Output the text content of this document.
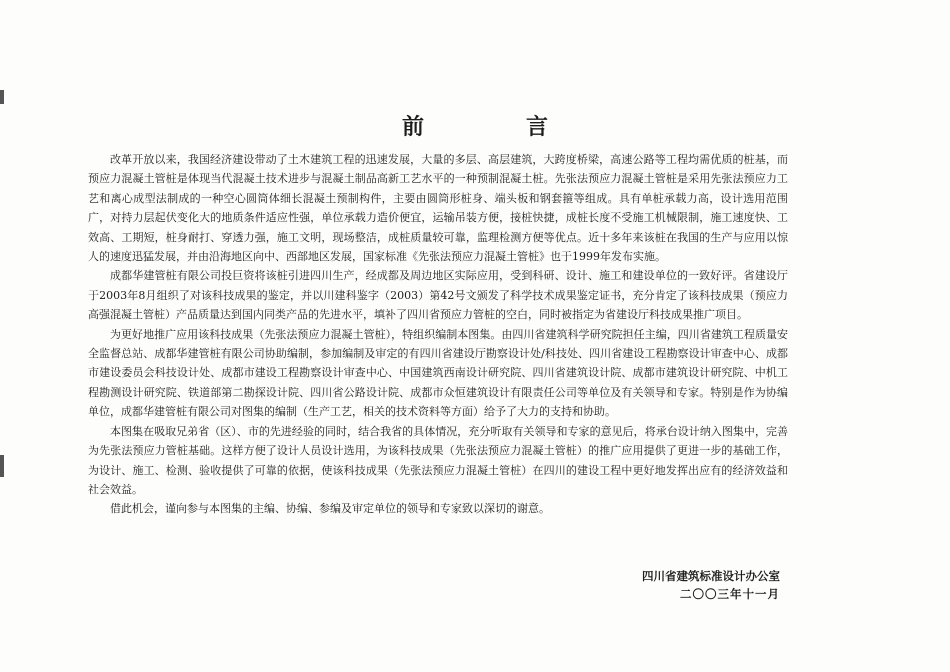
前　言

改革开放以来，我国经济建设带动了土木建筑工程的迅速发展，大量的多层、高层建筑，大跨度桥梁，高速公路等工程均需优质的桩基，而预应力混凝土管桩是体现当代混凝土技术进步与混凝土制品高新工艺水平的一种预制混凝土桩。先张法预应力混凝土管桩是采用先张法预应力工艺和离心成型法制成的一种空心圆筒体细长混凝土预制构件，主要由圆筒形桩身、端头板和钢套箍等组成。具有单桩承载力高，设计选用范围广，对持力层起伏变化大的地质条件适应性强，单位承载力造价便宜，运输吊装方便，接桩快捷，成桩长度不受施工机械限制，施工速度快、工效高、工期短，桩身耐打、穿透力强，施工文明，现场整洁，成桩质量较可靠，监理检测方便等优点。近十多年来该桩在我国的生产与应用以惊人的速度迅猛发展，并由沿海地区向中、西部地区发展，国家标准《先张法预应力混凝土管桩》也于1999年发布实施。

成都华建管桩有限公司投巨资将该桩引进四川生产，经成都及周边地区实际应用，受到科研、设计、施工和建设单位的一致好评。省建设厅于2003年8月组织了对该科技成果的鉴定，并以川建科鉴字（2003）第42号文颁发了科学技术成果鉴定证书，充分肯定了该科技成果（预应力高强混凝土管桩）产品质量达到国内同类产品的先进水平，填补了四川省预应力管桩的空白，同时被指定为省建设厅科技成果推广项目。

为更好地推广应用该科技成果（先张法预应力混凝土管桩），特组织编制本图集。由四川省建筑科学研究院担任主编，四川省建筑工程质量安全监督总站、成都华建管桩有限公司协助编制，参加编制及审定的有四川省建设厅勘察设计处/科技处、四川省建设工程勘察设计审查中心、成都市建设委员会科技设计处、成都市建设工程勘察设计审查中心、中国建筑西南设计研究院、四川省建筑设计院、成都市建筑设计研究院、中机工程勘测设计研究院、铁道部第二勘探设计院、四川省公路设计院、成都市众恒建筑设计有限责任公司等单位及有关领导和专家。特别是作为协编单位，成都华建管桩有限公司对图集的编制（生产工艺，相关的技术资料等方面）给予了大力的支持和协助。

本图集在吸取兄弟省（区）、市的先进经验的同时，结合我省的具体情况，充分听取有关领导和专家的意见后，将承台设计纳入图集中，完善为先张法预应力管桩基础。这样方便了设计人员设计选用，为该科技成果（先张法预应力混凝土管桩）的推广应用提供了更进一步的基础工作，为设计、施工、检测、验收提供了可靠的依据，使该科技成果（先张法预应力混凝土管桩）在四川的建设工程中更好地发挥出应有的经济效益和社会效益。

借此机会，谨向参与本图集的主编、协编、参编及审定单位的领导和专家致以深切的谢意。

四川省建筑标准设计办公室
二〇〇三年十一月
